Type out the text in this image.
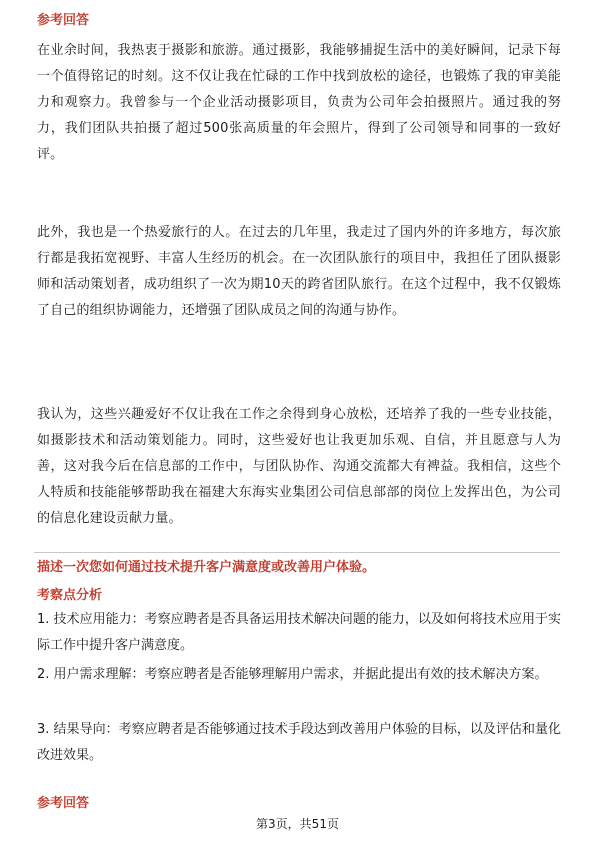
参考回答
在业余时间，我热衷于摄影和旅游。通过摄影，我能够捕捉生活中的美好瞬间，记录下每一个值得铭记的时刻。这不仅让我在忙碌的工作中找到放松的途径，也锻炼了我的审美能力和观察力。我曾参与一个企业活动摄影项目，负责为公司年会拍摄照片。通过我的努力，我们团队共拍摄了超过500张高质量的年会照片，得到了公司领导和同事的一致好评。
此外，我也是一个热爱旅行的人。在过去的几年里，我走过了国内外的许多地方，每次旅行都是我拓宽视野、丰富人生经历的机会。在一次团队旅行的项目中，我担任了团队摄影师和活动策划者，成功组织了一次为期10天的跨省团队旅行。在这个过程中，我不仅锻炼了自己的组织协调能力，还增强了团队成员之间的沟通与协作。
我认为，这些兴趣爱好不仅让我在工作之余得到身心放松，还培养了我的一些专业技能，如摄影技术和活动策划能力。同时，这些爱好也让我更加乐观、自信，并且愿意与人为善，这对我今后在信息部的工作中，与团队协作、沟通交流都大有裨益。我相信，这些个人特质和技能能够帮助我在福建大东海实业集团公司信息部部的岗位上发挥出色，为公司的信息化建设贡献力量。
描述一次您如何通过技术提升客户满意度或改善用户体验。
考察点分析
1. 技术应用能力：考察应聘者是否具备运用技术解决问题的能力，以及如何将技术应用于实际工作中提升客户满意度。
2. 用户需求理解：考察应聘者是否能够理解用户需求，并据此提出有效的技术解决方案。
3. 结果导向：考察应聘者是否能够通过技术手段达到改善用户体验的目标，以及评估和量化改进效果。
参考回答
第3页，共51页
